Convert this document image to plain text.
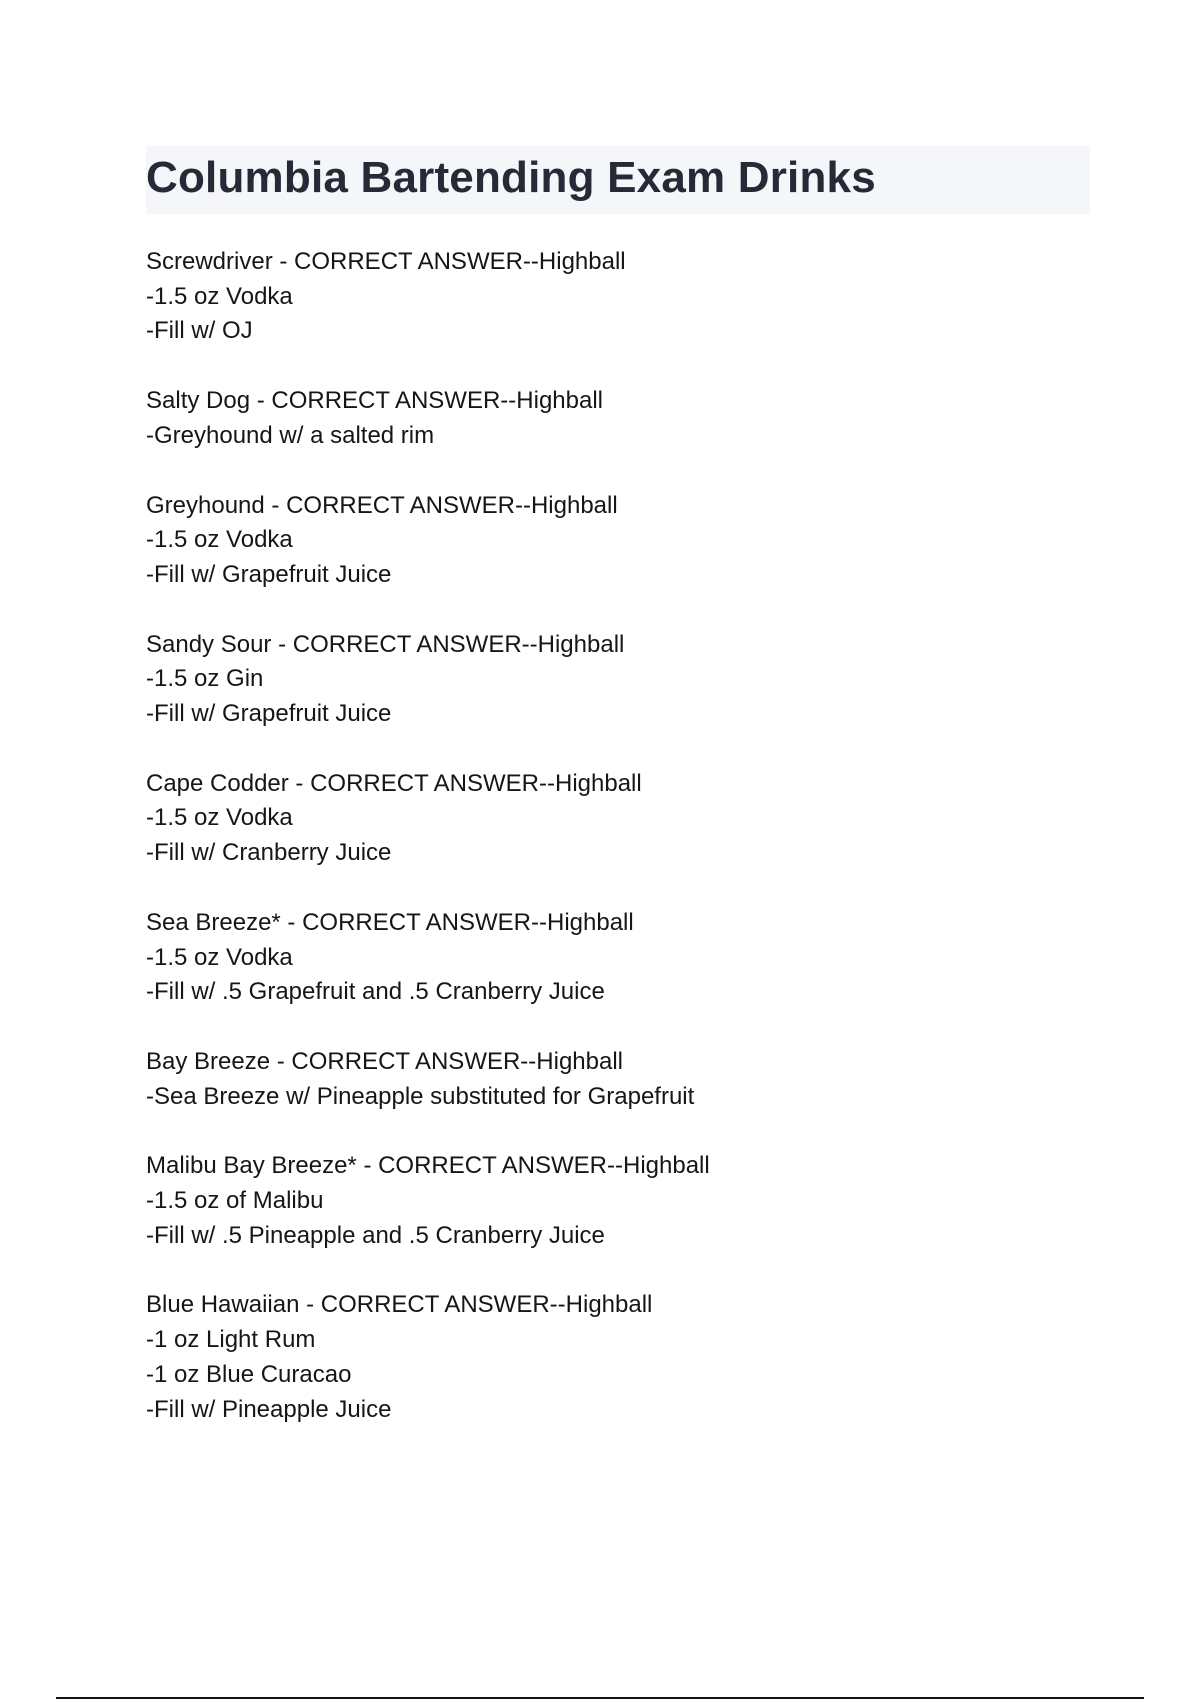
Columbia Bartending Exam Drinks
Screwdriver - CORRECT ANSWER--Highball
-1.5 oz Vodka
-Fill w/ OJ
Salty Dog - CORRECT ANSWER--Highball
-Greyhound w/ a salted rim
Greyhound - CORRECT ANSWER--Highball
-1.5 oz Vodka
-Fill w/ Grapefruit Juice
Sandy Sour - CORRECT ANSWER--Highball
-1.5 oz Gin
-Fill w/ Grapefruit Juice
Cape Codder - CORRECT ANSWER--Highball
-1.5 oz Vodka
-Fill w/ Cranberry Juice
Sea Breeze* - CORRECT ANSWER--Highball
-1.5 oz Vodka
-Fill w/ .5 Grapefruit and .5 Cranberry Juice
Bay Breeze - CORRECT ANSWER--Highball
-Sea Breeze w/ Pineapple substituted for Grapefruit
Malibu Bay Breeze* - CORRECT ANSWER--Highball
-1.5 oz of Malibu
-Fill w/ .5 Pineapple and .5 Cranberry Juice
Blue Hawaiian - CORRECT ANSWER--Highball
-1 oz Light Rum
-1 oz Blue Curacao
-Fill w/ Pineapple Juice
